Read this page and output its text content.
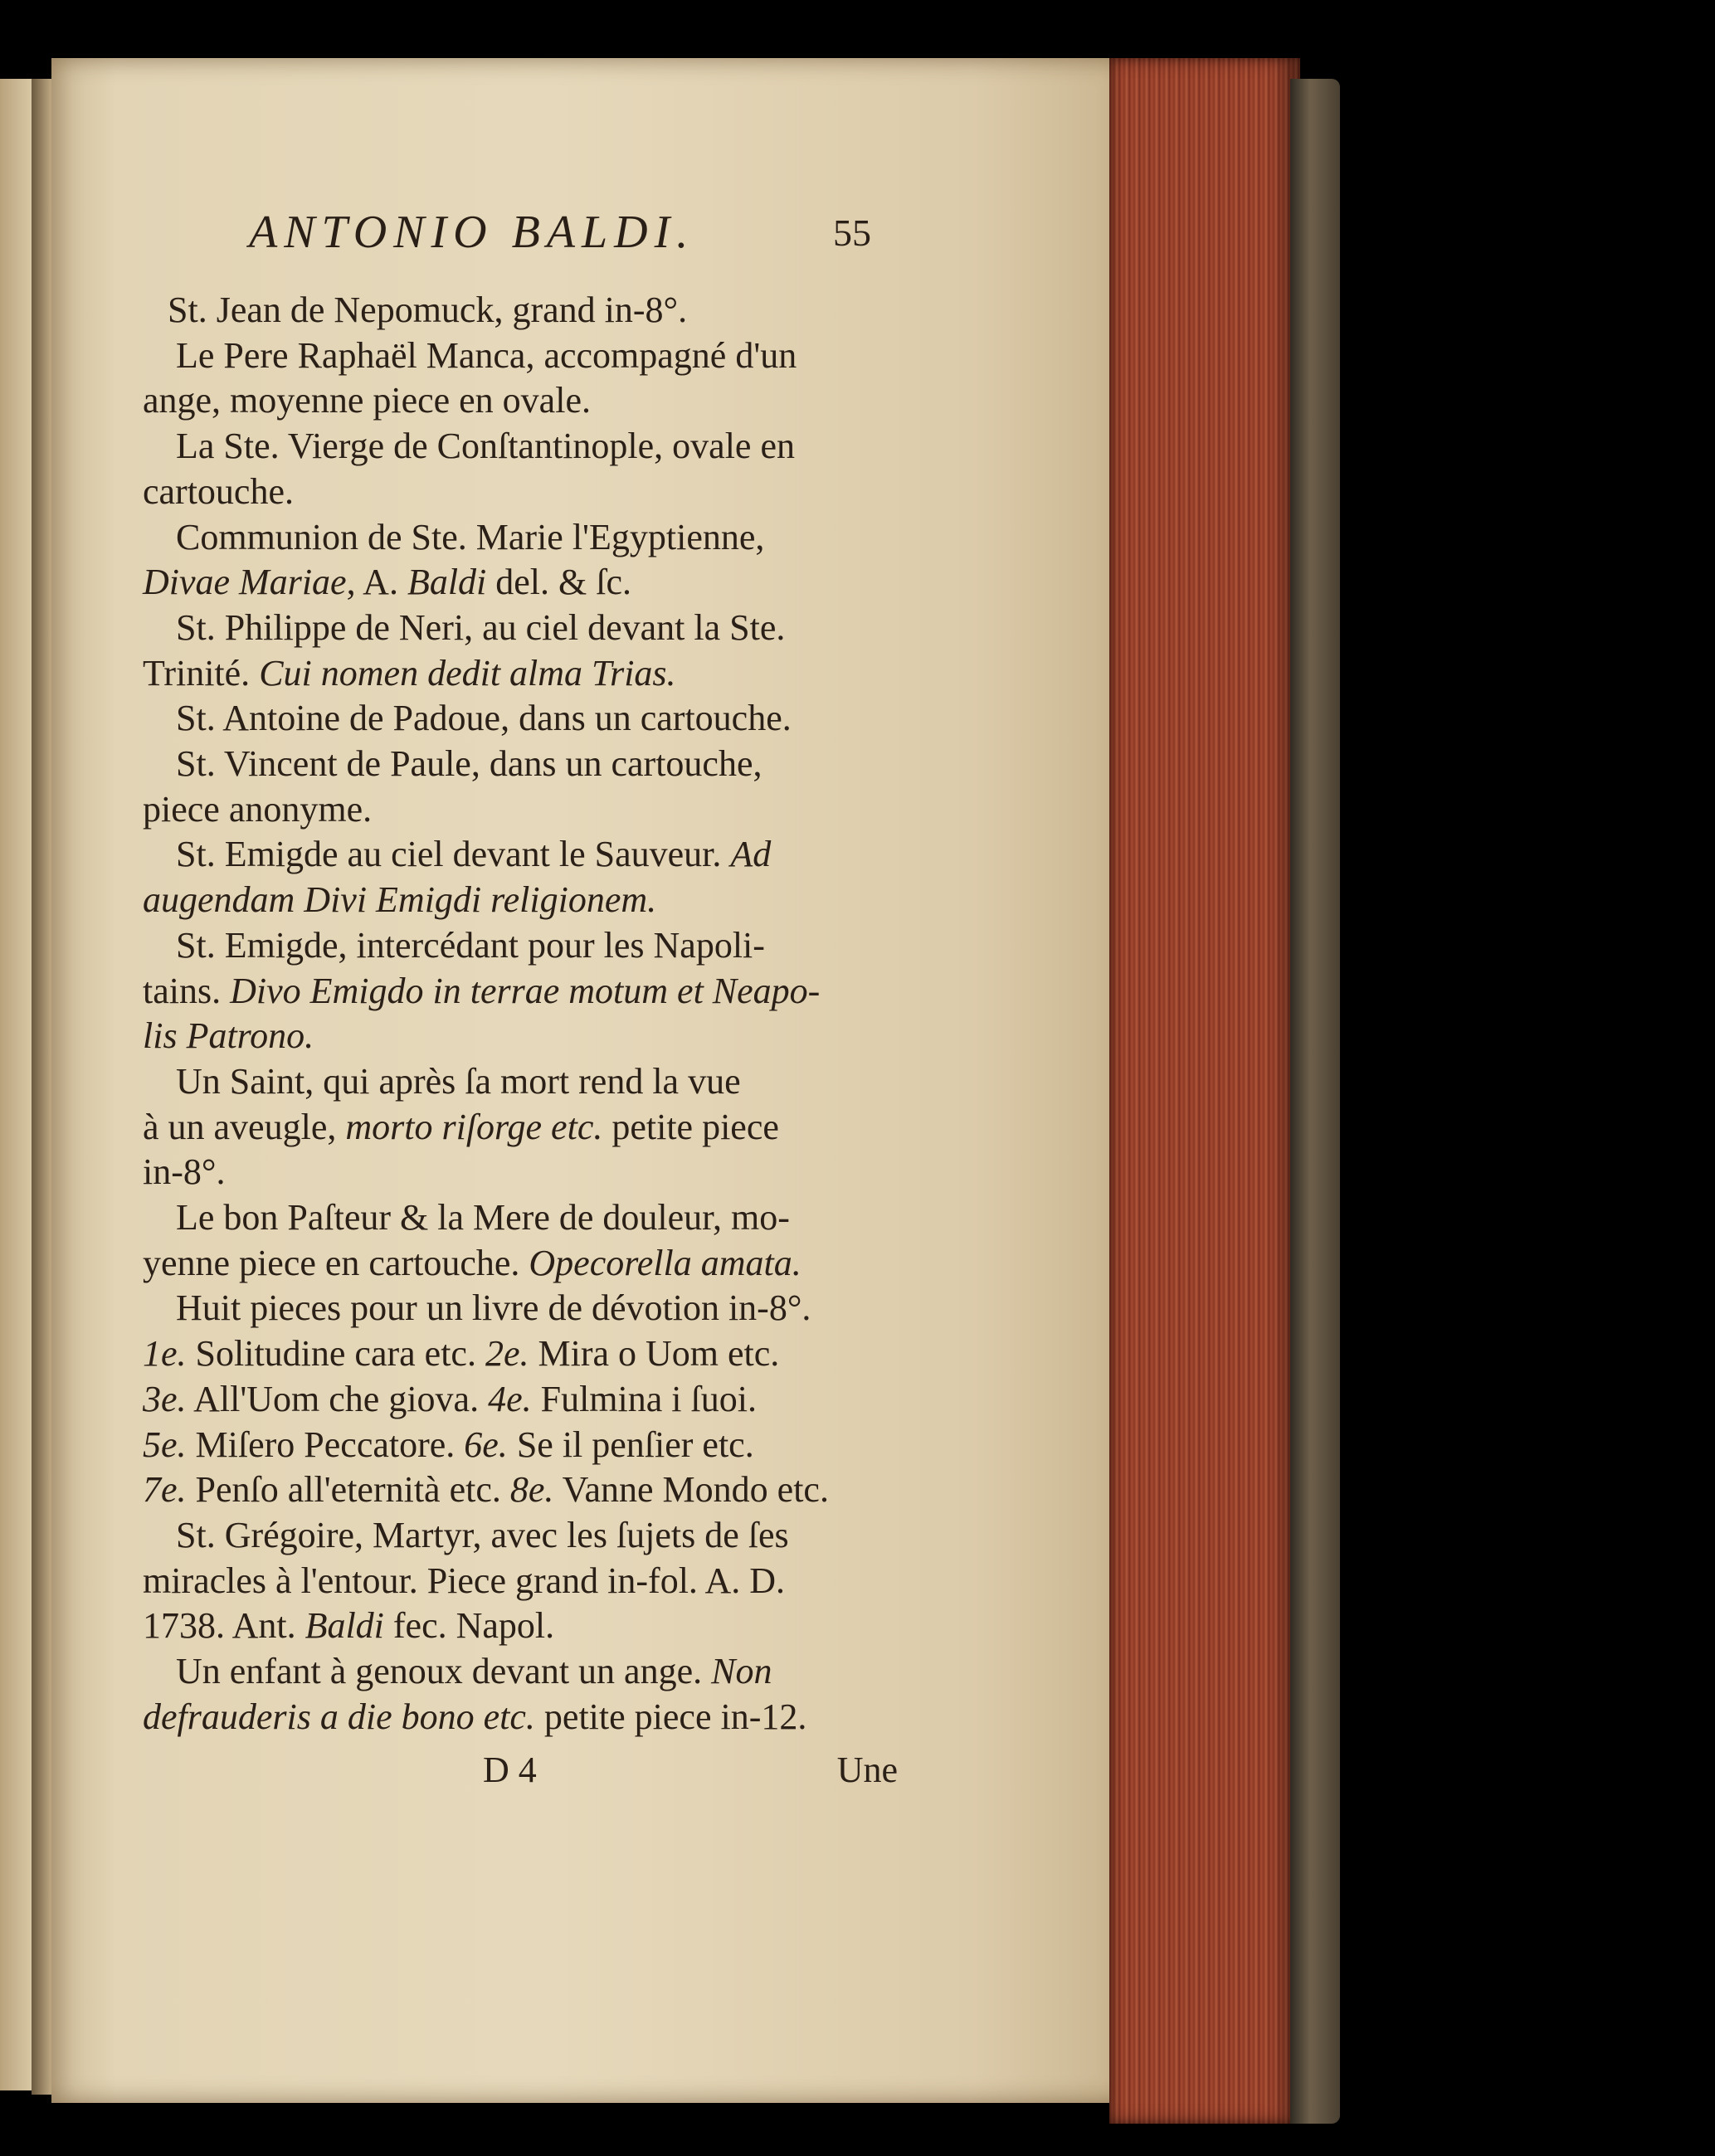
ANTONIO BALDI.	55
St. Jean de Nepomuck, grand in-8°.
Le Pere Raphaël Manca, accompagné d'un
ange, moyenne piece en ovale.
La Ste. Vierge de Conſtantinople, ovale en
cartouche.
Communion de Ste. Marie l'Egyptienne,
Divae Mariae, A. Baldi del. & ſc.
St. Philippe de Neri, au ciel devant la Ste.
Trinité. Cui nomen dedit alma Trias.
St. Antoine de Padoue, dans un cartouche.
St. Vincent de Paule, dans un cartouche,
piece anonyme.
St. Emigde au ciel devant le Sauveur. Ad
augendam Divi Emigdi religionem.
St. Emigde, intercédant pour les Napoli-
tains. Divo Emigdo in terrae motum et Neapo-
lis Patrono.
Un Saint, qui après ſa mort rend la vue
à un aveugle, morto riſorge etc. petite piece
in-8°.
Le bon Paſteur & la Mere de douleur, mo-
yenne piece en cartouche. Opecorella amata.
Huit pieces pour un livre de dévotion in-8°.
1e. Solitudine cara etc. 2e. Mira o Uom etc.
3e. All'Uom che giova. 4e. Fulmina i ſuoi.
5e. Miſero Peccatore. 6e. Se il penſier etc.
7e. Penſo all'eternità etc. 8e. Vanne Mondo etc.
St. Grégoire, Martyr, avec les ſujets de ſes
miracles à l'entour. Piece grand in-fol. A. D.
1738. Ant. Baldi fec. Napol.
Un enfant à genoux devant un ange. Non
defrauderis a die bono etc. petite piece in-12.
D 4	Une
